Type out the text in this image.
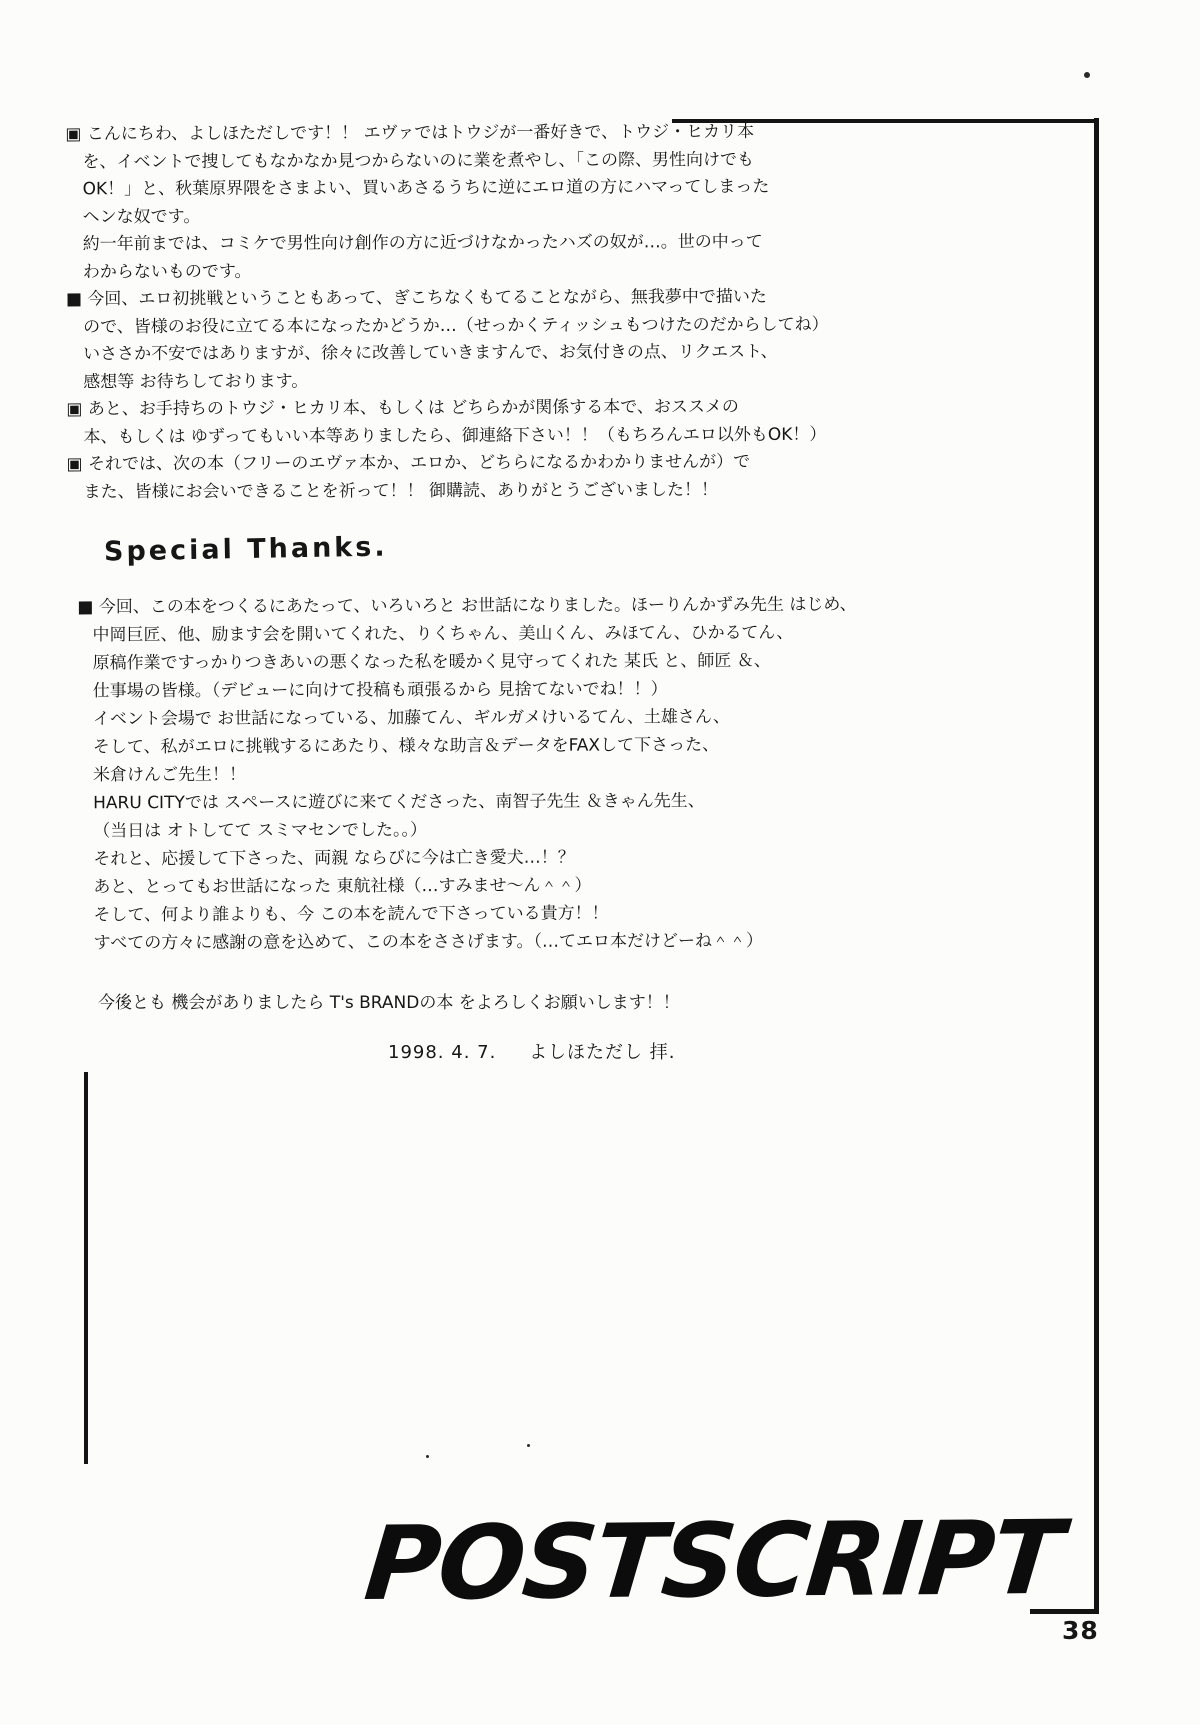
▣ こんにちわ、よしほただしです！！ エヴァではトウジが一番好きで、トウジ・ヒカリ本
を、イベントで捜してもなかなか見つからないのに業を煮やし、「この際、男性向けでも
OK！」と、秋葉原界隈をさまよい、買いあさるうちに逆にエロ道の方にハマってしまった
ヘンな奴です。
約一年前までは、コミケで男性向け創作の方に近づけなかったハズの奴が…。世の中って
わからないものです。
■ 今回、エロ初挑戦ということもあって、ぎこちなくもてることながら、無我夢中で描いた
ので、皆様のお役に立てる本になったかどうか…（せっかくティッシュもつけたのだからしてね）
いささか不安ではありますが、徐々に改善していきますんで、お気付きの点、リクエスト、
感想等 お待ちしております。
▣ あと、お手持ちのトウジ・ヒカリ本、もしくは どちらかが関係する本で、おススメの
本、もしくは ゆずってもいい本等ありましたら、御連絡下さい！！（もちろんエロ以外もOK！）
▣ それでは、次の本（フリーのエヴァ本か、エロか、どちらになるかわかりませんが）で
また、皆様にお会いできることを祈って！！ 御購読、ありがとうございました！！
Special Thanks.
■ 今回、この本をつくるにあたって、いろいろと お世話になりました。ほーりんかずみ先生 はじめ、
中岡巨匠、他、励ます会を開いてくれた、りくちゃん、美山くん、みほてん、ひかるてん、
原稿作業ですっかりつきあいの悪くなった私を暖かく見守ってくれた 某氏 と、師匠 ＆、
仕事場の皆様。（デビューに向けて投稿も頑張るから 見捨てないでね！！）
イベント会場で お世話になっている、加藤てん、ギルガメけいるてん、土雄さん、
そして、私がエロに挑戦するにあたり、様々な助言＆データをFAXして下さった、
米倉けんご先生！！
HARU CITYでは スペースに遊びに来てくださった、南智子先生 ＆きゃん先生、
（当日は オトしてて スミマセンでした。。）
それと、応援して下さった、両親 ならびに今は亡き愛犬…！？
あと、とってもお世話になった 東航社様（…すみませ〜ん＾＾）
そして、何より誰よりも、今 この本を読んで下さっている貴方！！
すべての方々に感謝の意を込めて、この本をささげます。（…てエロ本だけどーね＾＾）
今後とも 機会がありましたら T's BRANDの本 をよろしくお願いします！！
1998. 4. 7. よしほただし 拝.
POSTSCRIPT
38
